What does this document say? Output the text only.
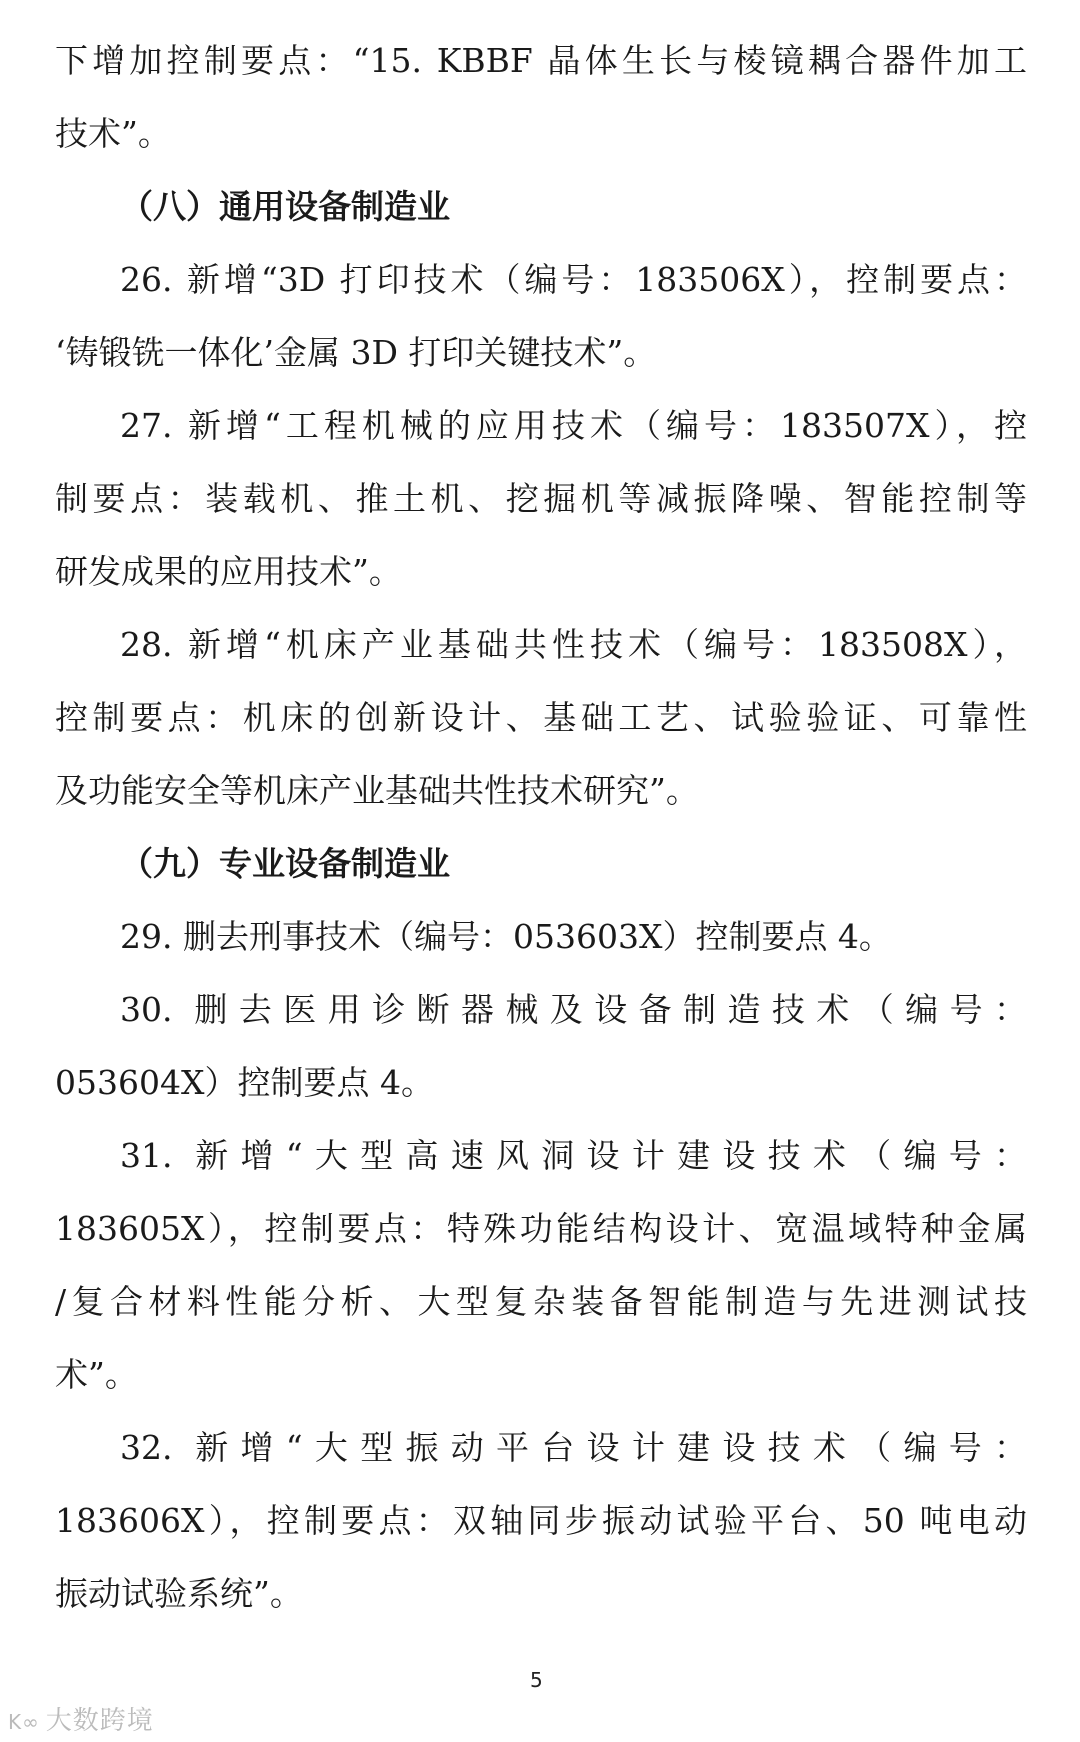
下增加控制要点：“15. KBBF 晶体生长与棱镜耦合器件加工
技术”。
（八）通用设备制造业
26. 新增“3D 打印技术（编号：183506X），控制要点：
‘铸锻铣一体化’金属 3D 打印关键技术”。
27. 新增“工程机械的应用技术（编号：183507X），控
制要点：装载机、推土机、挖掘机等减振降噪、智能控制等
研发成果的应用技术”。
28. 新增“机床产业基础共性技术（编号：183508X），
控制要点：机床的创新设计、基础工艺、试验验证、可靠性
及功能安全等机床产业基础共性技术研究”。
（九）专业设备制造业
29. 删去刑事技术（编号：053603X）控制要点 4。
30. 删去医用诊断器械及设备制造技术（编号：
053604X）控制要点 4。
31. 新增“大型高速风洞设计建设技术（编号：
183605X），控制要点：特殊功能结构设计、宽温域特种金属
/复合材料性能分析、大型复杂装备智能制造与先进测试技
术”。
32. 新增“大型振动平台设计建设技术（编号：
183606X），控制要点：双轴同步振动试验平台、50 吨电动
振动试验系统”。
5
K∞ 大数跨境
